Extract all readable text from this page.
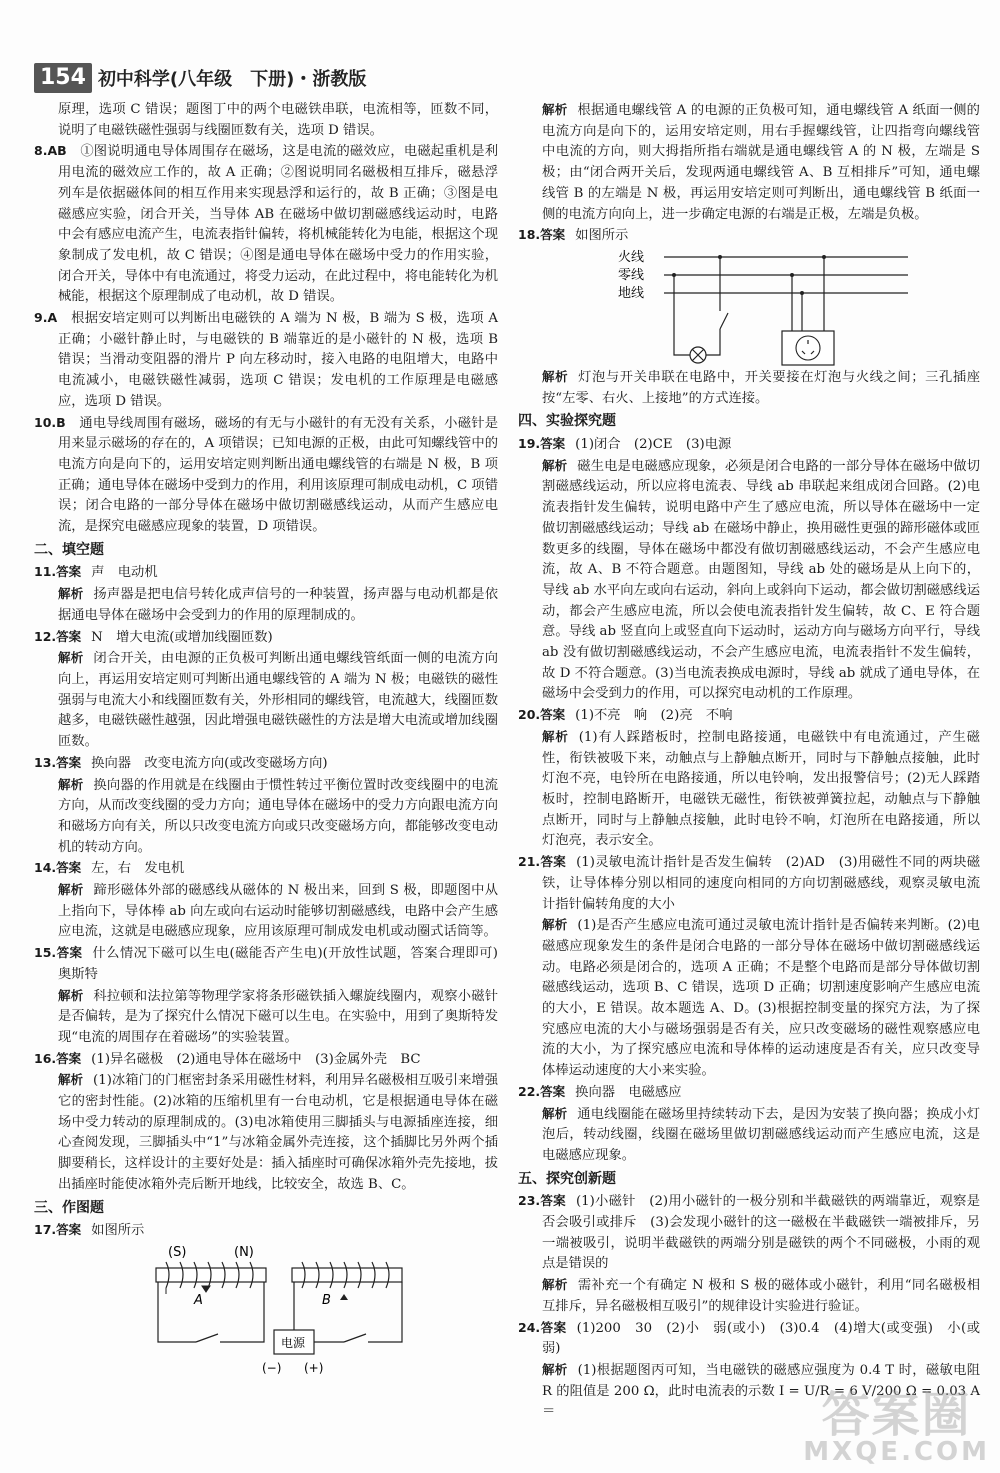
154 初中科学(八年级　下册)・浙教版

原理，选项 C 错误；题图丁中的两个电磁铁串联，电流相等，匝数不同，说明了电磁铁磁性强弱与线圈匝数有关，选项 D 错误。

8.AB　 ①图说明通电导体周围存在磁场，这是电流的磁效应，电磁起重机是利用电流的磁效应工作的，故 A 正确；②图说明同名磁极相互排斥，磁悬浮列车是依据磁体间的相互作用来实现悬浮和运行的，故 B 正确；③图是电磁感应实验，闭合开关，当导体 AB 在磁场中做切割磁感线运动时，电路中会有感应电流产生，电流表指针偏转，将机械能转化为电能，根据这个现象制成了发电机，故 C 错误；④图是通电导体在磁场中受力的作用实验，闭合开关，导体中有电流通过，将受力运动，在此过程中，将电能转化为机械能，根据这个原理制成了电动机，故 D 错误。

9.A　 根据安培定则可以判断出电磁铁的 A 端为 N 极，B 端为 S 极，选项 A 正确；小磁针静止时，与电磁铁的 B 端靠近的是小磁针的 N 极，选项 B 错误；当滑动变阻器的滑片 P 向左移动时，接入电路的电阻增大，电路中电流减小，电磁铁磁性减弱，选项 C 错误；发电机的工作原理是电磁感应，选项 D 错误。

10.B　 通电导线周围有磁场，磁场的有无与小磁针的有无没有关系，小磁针是用来显示磁场的存在的，A 项错误；已知电源的正极，由此可知螺线管中的电流方向是向下的，运用安培定则判断出通电螺线管的右端是 N 极，B 项正确；通电导体在磁场中受到力的作用，利用该原理可制成电动机，C 项错误；闭合电路的一部分导体在磁场中做切割磁感线运动，从而产生感应电流，是探究电磁感应现象的装置，D 项错误。

二、填空题

11.答案 声　电动机

解析 扬声器是把电信号转化成声信号的一种装置，扬声器与电动机都是依据通电导体在磁场中会受到力的作用的原理制成的。

12.答案 N　增大电流(或增加线圈匝数)

解析 闭合开关，由电源的正负极可判断出通电螺线管纸面一侧的电流方向向上，再运用安培定则可判断出通电螺线管的 A 端为 N 极；电磁铁的磁性强弱与电流大小和线圈匝数有关，外形相同的螺线管，电流越大，线圈匝数越多，电磁铁磁性越强，因此增强电磁铁磁性的方法是增大电流或增加线圈匝数。

13.答案 换向器　改变电流方向(或改变磁场方向)

解析 换向器的作用就是在线圈由于惯性转过平衡位置时改变线圈中的电流方向，从而改变线圈的受力方向；通电导体在磁场中的受力方向跟电流方向和磁场方向有关，所以只改变电流方向或只改变磁场方向，都能够改变电动机的转动方向。

14.答案 左，右　发电机

解析 蹄形磁体外部的磁感线从磁体的 N 极出来，回到 S 极，即题图中从上指向下，导体棒 ab 向左或向右运动时能够切割磁感线，电路中会产生感应电流，这就是电磁感应现象，应用该原理可制成发电机或动圈式话筒等。

15.答案 什么情况下磁可以生电(磁能否产生电)(开放性试题，答案合理即可)　奥斯特

解析 科拉顿和法拉第等物理学家将条形磁铁插入螺旋线圈内，观察小磁针是否偏转，是为了探究什么情况下磁可以生电。在实验中，用到了奥斯特发现“电流的周围存在着磁场”的实验装置。

16.答案 (1)异名磁极　(2)通电导体在磁场中　(3)金属外壳　BC

解析 (1)冰箱门的门框密封条采用磁性材料，利用异名磁极相互吸引来增强它的密封性能。(2)冰箱的压缩机里有一台电动机，它是根据通电导体在磁场中受力转动的原理制成的。(3)电冰箱使用三脚插头与电源插座连接，细心查阅发现，三脚插头中“1”与冰箱金属外壳连接，这个插脚比另外两个插脚要稍长，这样设计的主要好处是：插入插座时可确保冰箱外壳先接地，拔出插座时能使冰箱外壳后断开地线，比较安全，故选 B、C。

三、作图题

17.答案 如图所示

(S)	(N)
A	B
电源
(−) (+)

解析 根据通电螺线管 A 的电源的正负极可知，通电螺线管 A 纸面一侧的电流方向是向下的，运用安培定则，用右手握螺线管，让四指弯向螺线管中电流的方向，则大拇指所指右端就是通电螺线管 A 的 N 极，左端是 S 极；由“闭合两开关后，发现两通电螺线管 A、B 互相排斥”可知，通电螺线管 B 的左端是 N 极，再运用安培定则可判断出，通电螺线管 B 纸面一侧的电流方向向上，进一步确定电源的右端是正极，左端是负极。

18.答案 如图所示

火线
零线
地线

解析 灯泡与开关串联在电路中，开关要接在灯泡与火线之间；三孔插座按“左零、右火、上接地”的方式连接。

四、实验探究题

19.答案 (1)闭合　(2)CE　(3)电源

解析 磁生电是电磁感应现象，必须是闭合电路的一部分导体在磁场中做切割磁感线运动，所以应将电流表、导线 ab 串联起来组成闭合回路。(2)电流表指针发生偏转，说明电路中产生了感应电流，所以导体在磁场中一定做切割磁感线运动；导线 ab 在磁场中静止，换用磁性更强的蹄形磁体或匝数更多的线圈，导体在磁场中都没有做切割磁感线运动，不会产生感应电流，故 A、B 不符合题意。由题图知，导线 ab 处的磁场是从上向下的，导线 ab 水平向左或向右运动，斜向上或斜向下运动，都会做切割磁感线运动，都会产生感应电流，所以会使电流表指针发生偏转，故 C、E 符合题意。导线 ab 竖直向上或竖直向下运动时，运动方向与磁场方向平行，导线 ab 没有做切割磁感线运动，不会产生感应电流，电流表指针不发生偏转，故 D 不符合题意。(3)当电流表换成电源时，导线 ab 就成了通电导体，在磁场中会受到力的作用，可以探究电动机的工作原理。

20.答案 (1)不亮　响　(2)亮　不响

解析 (1)有人踩踏板时，控制电路接通，电磁铁中有电流通过，产生磁性，衔铁被吸下来，动触点与上静触点断开，同时与下静触点接触，此时灯泡不亮，电铃所在电路接通，所以电铃响，发出报警信号；(2)无人踩踏板时，控制电路断开，电磁铁无磁性，衔铁被弹簧拉起，动触点与下静触点断开，同时与上静触点接触，此时电铃不响，灯泡所在电路接通，所以灯泡亮，表示安全。

21.答案 (1)灵敏电流计指针是否发生偏转　(2)AD　(3)用磁性不同的两块磁铁，让导体棒分别以相同的速度向相同的方向切割磁感线，观察灵敏电流计指针偏转角度的大小

解析 (1)是否产生感应电流可通过灵敏电流计指针是否偏转来判断。(2)电磁感应现象发生的条件是闭合电路的一部分导体在磁场中做切割磁感线运动。电路必须是闭合的，选项 A 正确；不是整个电路而是部分导体做切割磁感线运动，选项 B、C 错误，选项 D 正确；切割速度影响产生感应电流的大小，E 错误。故本题选 A、D。(3)根据控制变量的探究方法，为了探究感应电流的大小与磁场强弱是否有关，应只改变磁场的磁性观察感应电流的大小，为了探究感应电流和导体棒的运动速度是否有关，应只改变导体棒运动速度的大小来实验。

22.答案 换向器　电磁感应

解析 通电线圈能在磁场里持续转动下去，是因为安装了换向器；换成小灯泡后，转动线圈，线圈在磁场里做切割磁感线运动而产生感应电流，这是电磁感应现象。

五、探究创新题

23.答案 (1)小磁针　(2)用小磁针的一极分别和半截磁铁的两端靠近，观察是否会吸引或排斥　(3)会发现小磁针的这一磁极在半截磁铁一端被排斥，另一端被吸引，说明半截磁铁的两端分别是磁铁的两个不同磁极，小雨的观点是错误的

解析 需补充一个有确定 N 极和 S 极的磁体或小磁针，利用“同名磁极相互排斥，异名磁极相互吸引”的规律设计实验进行验证。

24.答案 (1)200　30　(2)小　弱(或小)　(3)0.4　(4)增大(或变强)　小(或弱)

解析 (1)根据题图丙可知，当电磁铁的磁感应强度为 0.4 T 时，磁敏电阻 R 的阻值是 200 Ω，此时电流表的示数 I = U/R = 6 V/200 Ω = 0.03 A＝	答案圈
MXQE.COM
